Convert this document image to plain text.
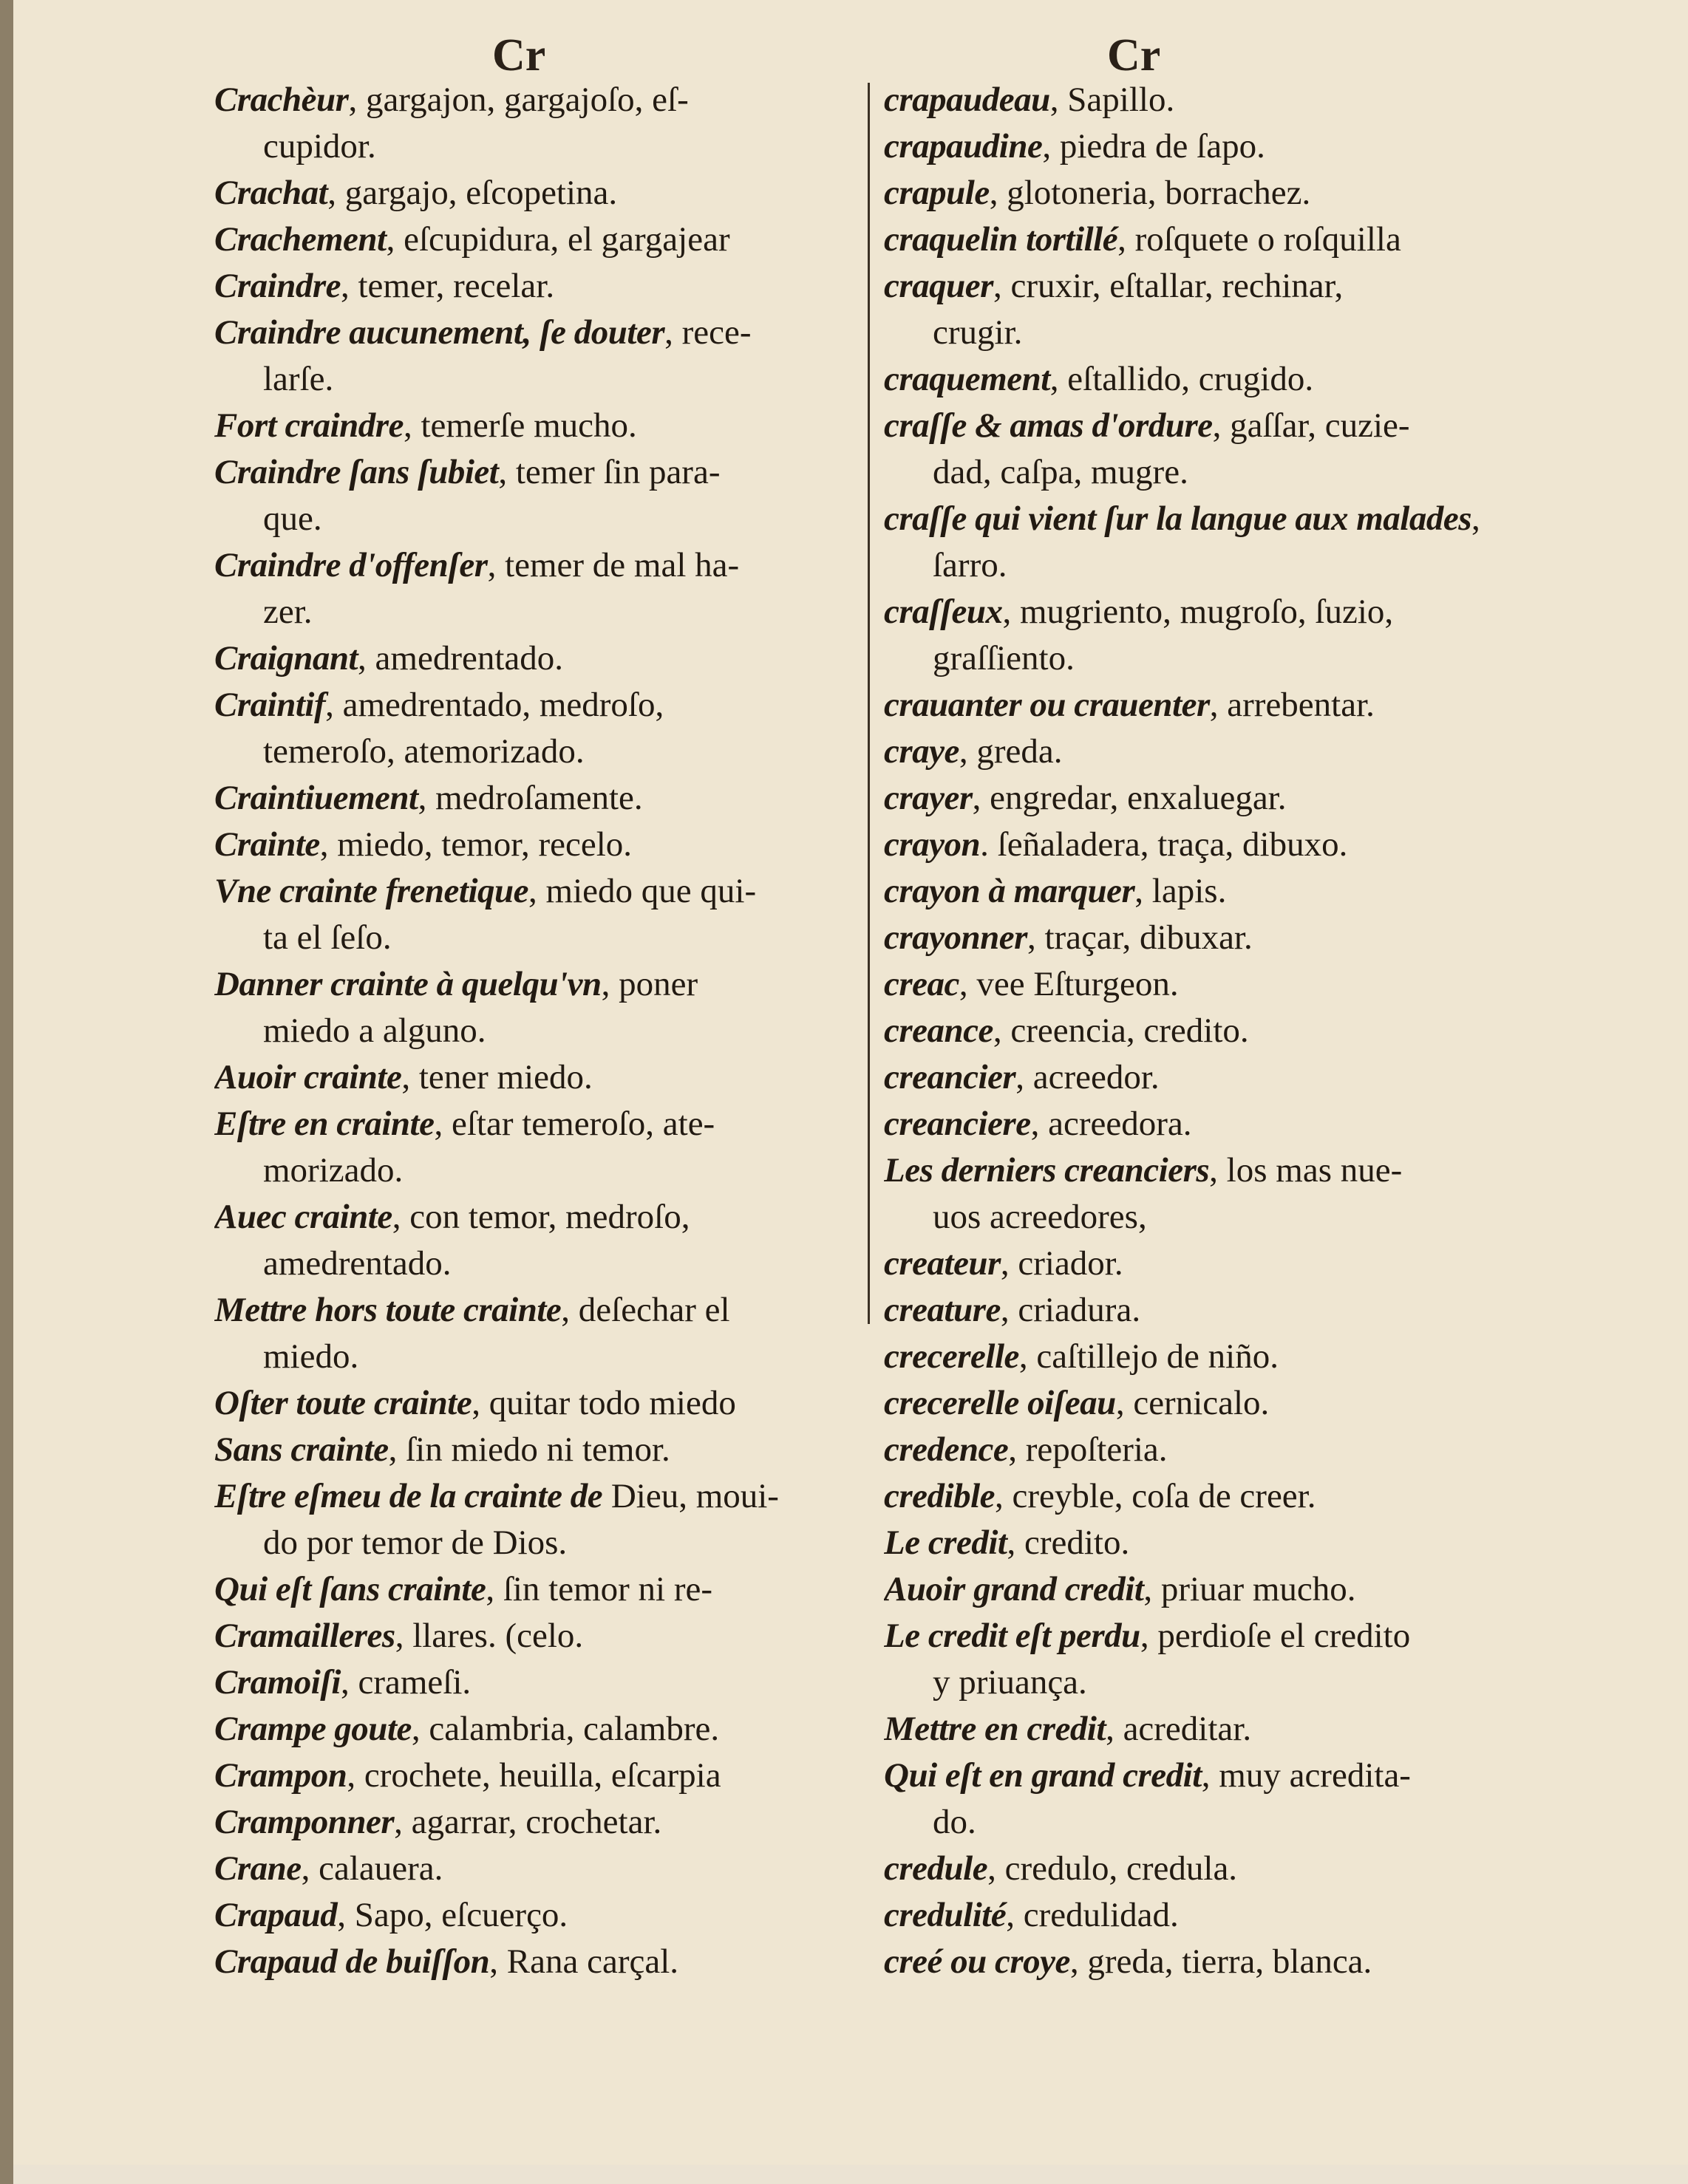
Cr	Cr

Crachèur, gargajon, gargajoſo, eſ-

cupidor.

Crachat, gargajo, eſcopetina.

Crachement, eſcupidura, el gargajear

Craindre, temer, recelar.

Craindre aucunement, ſe douter, rece-

larſe.

Fort craindre, temerſe mucho.

Craindre ſans ſubiet, temer ſin para-

que.

Craindre d'offenſer, temer de mal ha-

zer.

Craignant, amedrentado.

Craintif, amedrentado, medroſo,

temeroſo, atemorizado.

Craintiuement, medroſamente.

Crainte, miedo, temor, recelo.

Vne crainte frenetique, miedo que qui-

ta el ſeſo.

Danner crainte à quelqu'vn, poner

miedo a alguno.

Auoir crainte, tener miedo.

Eſtre en crainte, eſtar temeroſo, ate-

morizado.

Auec crainte, con temor, medroſo,

amedrentado.

Mettre hors toute crainte, deſechar el

miedo.

Oſter toute crainte, quitar todo miedo

Sans crainte, ſin miedo ni temor.

Eſtre eſmeu de la crainte de Dieu, moui-

do por temor de Dios.

Qui eſt ſans crainte, ſin temor ni re-

Cramailleres, llares. (celo.

Cramoiſi, crameſi.

Crampe goute, calambria, calambre.

Crampon, crochete, heuilla, eſcarpia

Cramponner, agarrar, crochetar.

Crane, calauera.

Crapaud, Sapo, eſcuerço.

Crapaud de buiſſon, Rana carçal.

crapaudeau, Sapillo.

crapaudine, piedra de ſapo.

crapule, glotoneria, borrachez.

craquelin tortillé, roſquete o roſquilla

craquer, cruxir, eſtallar, rechinar,

crugir.

craquement, eſtallido, crugido.

craſſe & amas d'ordure, gaſſar, cuzie-

dad, caſpa, mugre.

craſſe qui vient ſur la langue aux malades,

ſarro.

craſſeux, mugriento, mugroſo, ſuzio,

graſſiento.

crauanter ou crauenter, arrebentar.

craye, greda.

crayer, engredar, enxaluegar.

crayon. ſeñaladera, traça, dibuxo.

crayon à marquer, lapis.

crayonner, traçar, dibuxar.

creac, vee Eſturgeon.

creance, creencia, credito.

creancier, acreedor.

creanciere, acreedora.

Les derniers creanciers, los mas nue-

uos acreedores,

createur, criador.

creature, criadura.

crecerelle, caſtillejo de niño.

crecerelle oiſeau, cernicalo.

credence, repoſteria.

credible, creyble, coſa de creer.

Le credit, credito.

Auoir grand credit, priuar mucho.

Le credit eſt perdu, perdioſe el credito

y priuança.

Mettre en credit, acreditar.

Qui eſt en grand credit, muy acredita-

do.

credule, credulo, credula.

credulité, credulidad.

creé ou croye, greda, tierra, blanca.
